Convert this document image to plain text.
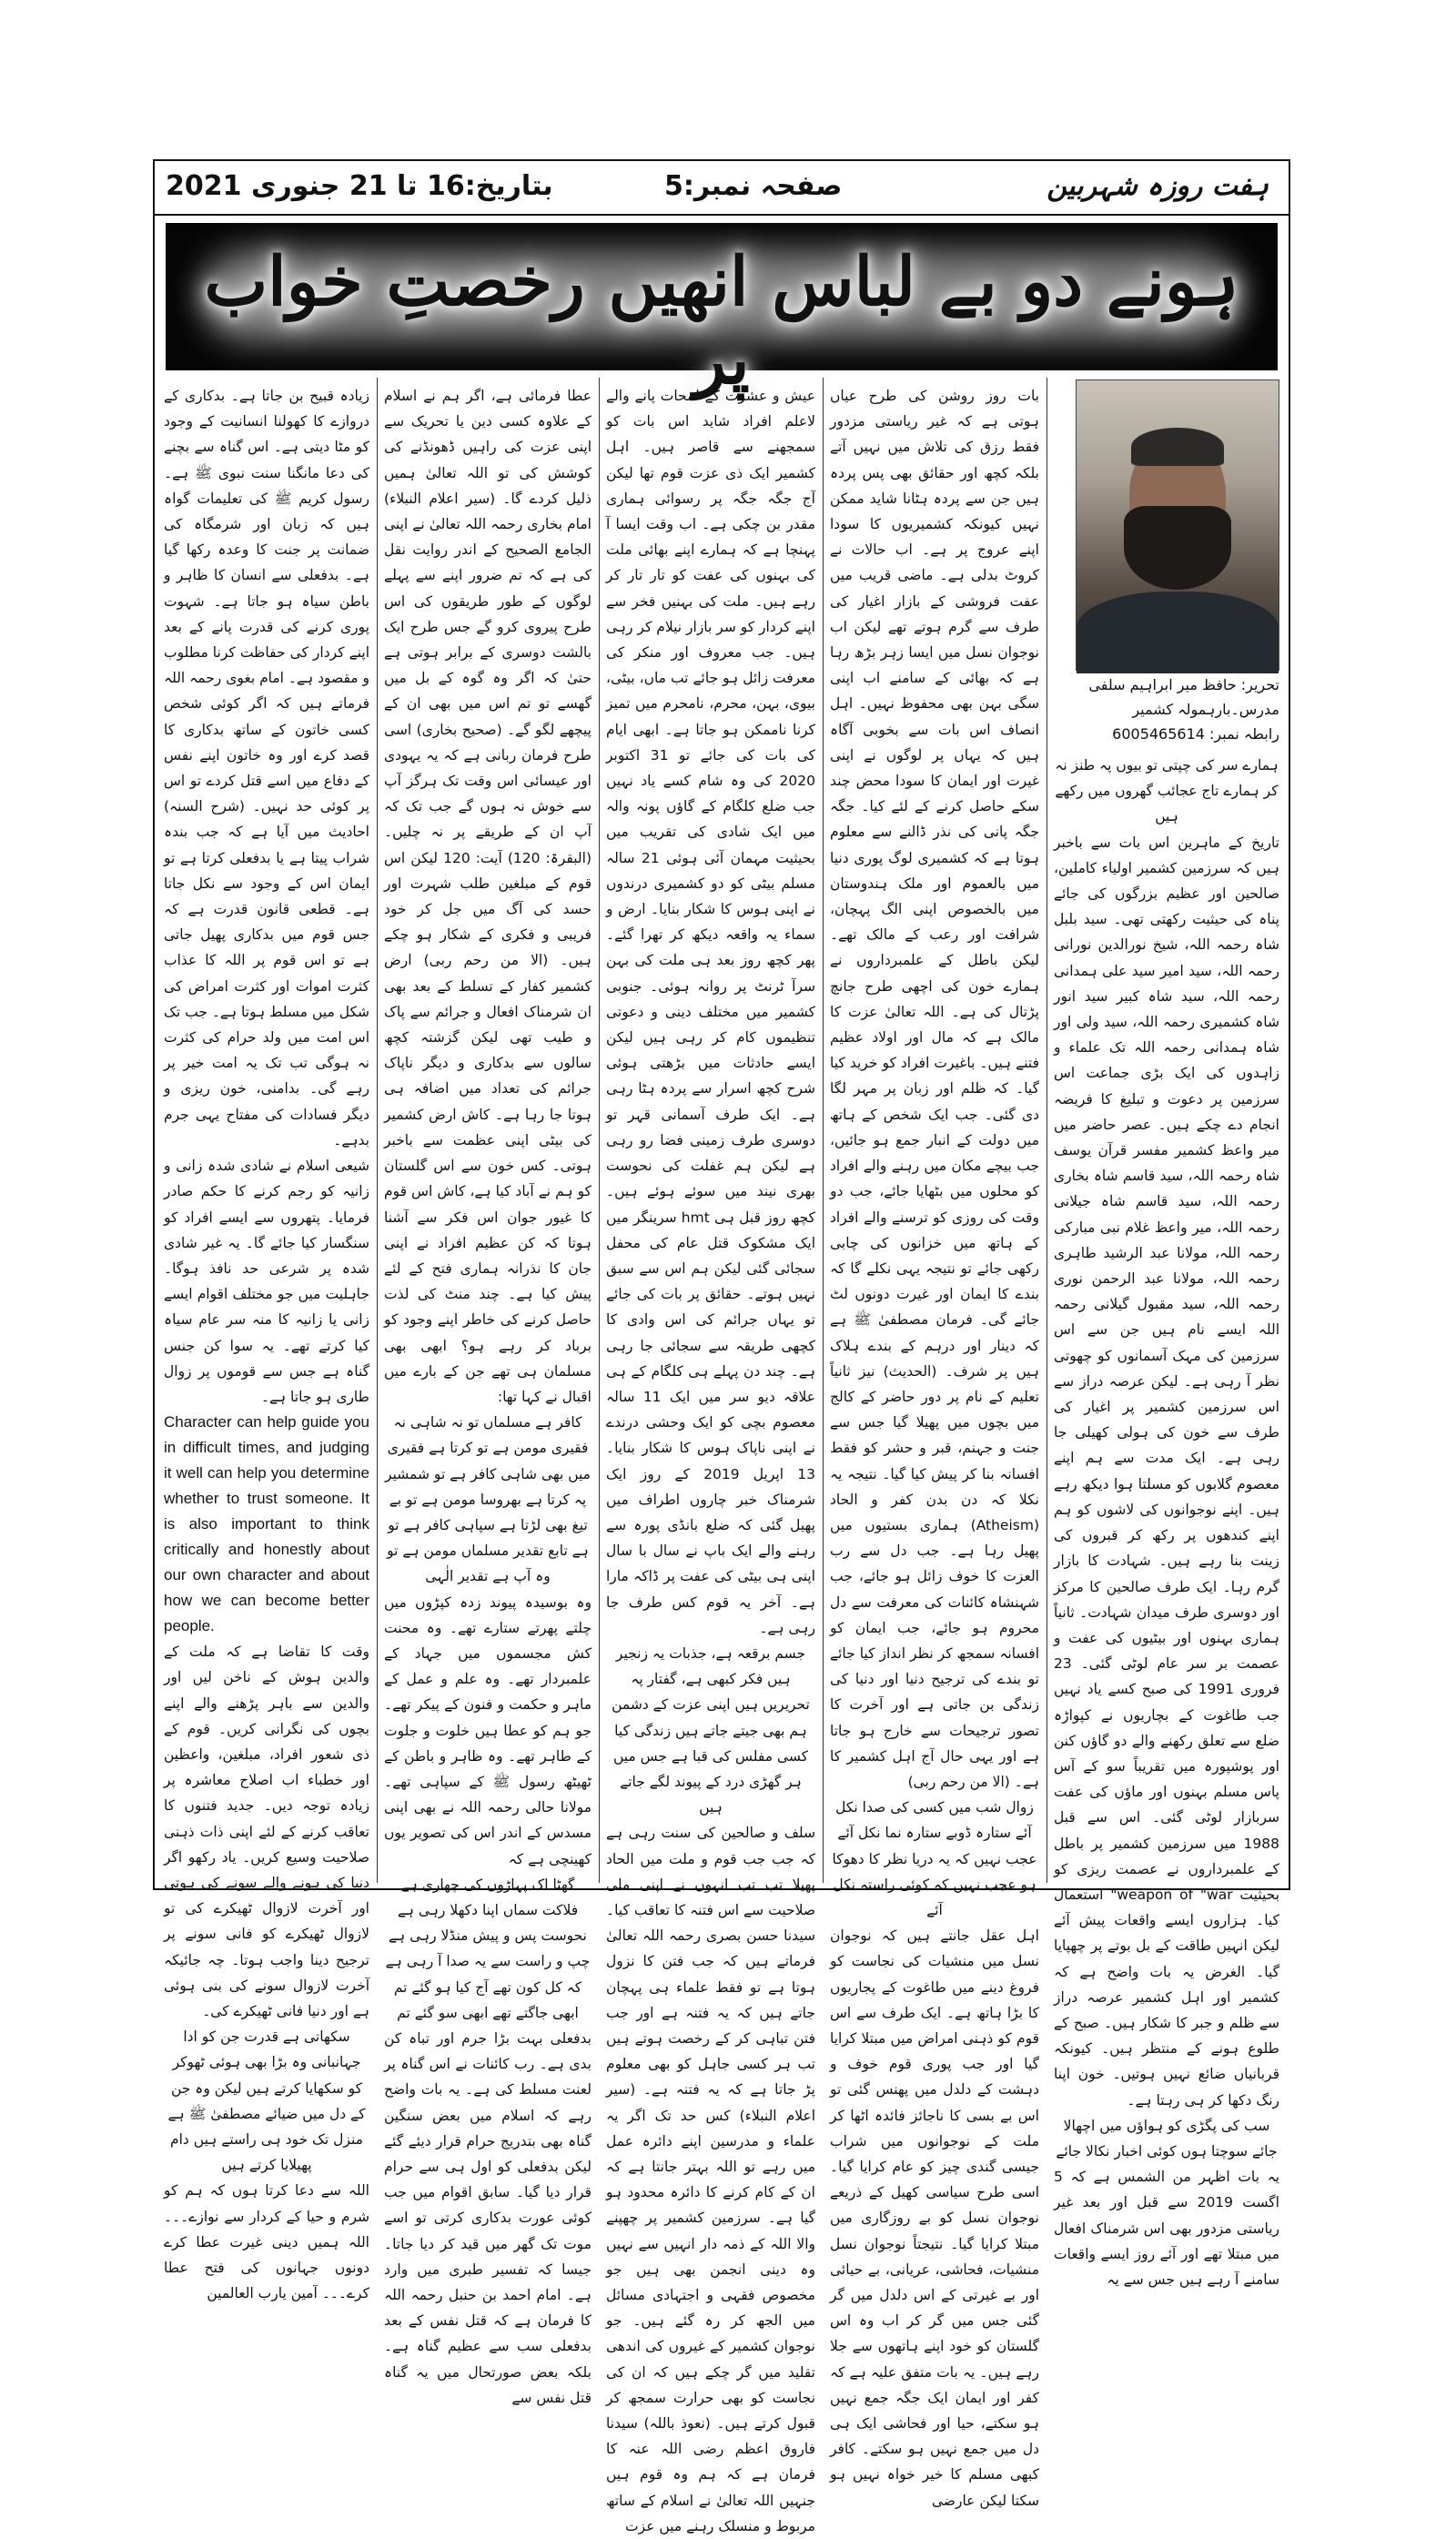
ہفت روزہ شہربین
صفحہ نمبر:5
بتاریخ:16 تا 21 جنوری 2021
ہونے دو بے لباس انھیں رخصتِ خواب پر
تحریر: حافظ میر ابراہیم سلفی
مدرس۔بارہمولہ کشمیر
رابطہ نمبر: 6005465614

ہمارے سر کی چپتی تو بیوں پہ طنز نہ کر ہمارے تاج عجائب گھروں میں رکھے ہیں

تاریخ کے ماہرین اس بات سے باخبر ہیں کہ سرزمین کشمیر اولیاء کاملین، صالحین اور عظیم بزرگوں کی جائے پناہ کی حیثیت رکھتی تھی۔ سید بلبل شاہ رحمہ اللہ، شیخ نورالدین نورانی رحمہ اللہ، سید امیر سید علی ہمدانی رحمہ اللہ، سید شاہ کبیر سید انور شاہ کشمیری رحمہ اللہ، سید ولی اور شاہ ہمدانی رحمہ اللہ تک علماء و زاہدوں کی ایک بڑی جماعت اس سرزمین پر دعوت و تبلیغ کا فریضہ انجام دے چکے ہیں۔ عصر حاضر میں میر واعظ کشمیر مفسر قرآن یوسف شاہ رحمہ اللہ، سید قاسم شاہ بخاری رحمہ اللہ، سید قاسم شاہ جیلانی رحمہ اللہ، میر واعظ غلام نبی مبارکی رحمہ اللہ، مولانا عبد الرشید طاہری رحمہ اللہ، مولانا عبد الرحمن نوری رحمہ اللہ، سید مقبول گیلانی رحمہ اللہ ایسے نام ہیں جن سے اس سرزمین کی مہک آسمانوں کو چھوتی نظر آ رہی ہے۔ لیکن عرصہ دراز سے اس سرزمین کشمیر پر اغیار کی طرف سے خون کی ہولی کھیلی جا رہی ہے۔ ایک مدت سے ہم اپنے معصوم گلابوں کو مسلتا ہوا دیکھ رہے ہیں۔ اپنے نوجوانوں کی لاشوں کو ہم اپنے کندھوں پر رکھ کر قبروں کی زینت بنا رہے ہیں۔ شہادت کا بازار گرم رہا۔ ایک طرف صالحین کا مرکز اور دوسری طرف میدان شہادت۔ ثانیاً ہماری بہنوں اور بیٹیوں کی عفت و عصمت بر سر عام لوٹی گئی۔ 23 فروری 1991 کی صبح کسے یاد نہیں جب طاغوت کے بچاریوں نے کپواڑہ ضلع سے تعلق رکھنے والے دو گاؤں کنن اور پوشپورہ میں تقریباً سو کے آس پاس مسلم بہنوں اور ماؤں کی عفت سربازار لوٹی گئی۔ اس سے قبل 1988 میں سرزمین کشمیر پر باطل کے علمبرداروں نے عصمت ریزی کو بحیثیت weapon of "war" استعمال کیا۔ ہزاروں ایسے واقعات پیش آئے لیکن انہیں طاقت کے بل بوتے پر چھپایا گیا۔ الغرض یہ بات واضح ہے کہ کشمیر اور اہل کشمیر عرصہ دراز سے ظلم و جبر کا شکار ہیں۔ صبح کے طلوع ہونے کے منتظر ہیں۔ کیونکہ قربانیاں ضائع نہیں ہوتیں۔ خون اپنا رنگ دکھا کر ہی رہتا ہے۔

سب کی پگڑی کو ہواؤں میں اچھالا جائے سوچتا ہوں کوئی اخبار نکالا جائے

یہ بات اظہر من الشمس ہے کہ 5 اگست 2019 سے قبل اور بعد غیر ریاستی مزدور بھی اس شرمناک افعال میں مبتلا تھے اور آئے روز ایسے واقعات سامنے آ رہے ہیں جس سے یہ

بات روز روشن کی طرح عیاں ہوتی ہے کہ غیر ریاستی مزدور فقط رزق کی تلاش میں نہیں آتے بلکہ کچھ اور حقائق بھی پس پردہ ہیں جن سے پردہ ہٹانا شاید ممکن نہیں کیونکہ کشمیریوں کا سودا اپنے عروج پر ہے۔ اب حالات نے کروٹ بدلی ہے۔ ماضی قریب میں عفت فروشی کے بازار اغیار کی طرف سے گرم ہوتے تھے لیکن اب نوجوان نسل میں ایسا زہر بڑھ رہا ہے کہ بھائی کے سامنے اب اپنی سگی بہن بھی محفوظ نہیں۔ اہل انصاف اس بات سے بخوبی آگاہ ہیں کہ یہاں پر لوگوں نے اپنی غیرت اور ایمان کا سودا محض چند سکے حاصل کرنے کے لئے کیا۔ جگہ جگہ پانی کی نذر ڈالنے سے معلوم ہوتا ہے کہ کشمیری لوگ پوری دنیا میں بالعموم اور ملک ہندوستان میں بالخصوص اپنی الگ پہچان، شرافت اور رعب کے مالک تھے۔ لیکن باطل کے علمبرداروں نے ہمارے خون کی اچھی طرح جانچ پڑتال کی ہے۔ اللہ تعالیٰ عزت کا مالک ہے کہ مال اور اولاد عظیم فتنے ہیں۔ باغیرت افراد کو خرید کیا گیا۔ کہ ظلم اور زبان پر مہر لگا دی گئی۔ جب ایک شخص کے ہاتھ میں دولت کے انبار جمع ہو جائیں، جب بیچے مکان میں رہنے والے افراد کو محلوں میں بٹھایا جائے، جب دو وقت کی روزی کو ترسنے والے افراد کے ہاتھ میں خزانوں کی چابی رکھی جائے تو نتیجہ یہی نکلے گا کہ بندے کا ایمان اور غیرت دونوں لٹ جائے گی۔ فرمان مصطفیٰ ﷺ ہے کہ دینار اور درہم کے بندے ہلاک ہیں پر شرف۔ (الحدیث) نیز ثانیاً تعلیم کے نام پر دور حاضر کے کالج میں بچوں میں پھیلا گیا جس سے جنت و جہنم، قبر و حشر کو فقط افسانہ بنا کر پیش کیا گیا۔ نتیجہ یہ نکلا کہ دن بدن کفر و الحاد (Atheism) ہماری بستیوں میں پھیل رہا ہے۔ جب دل سے رب العزت کا خوف زائل ہو جائے، جب شہنشاہ کائنات کی معرفت سے دل محروم ہو جائے، جب ایمان کو افسانہ سمجھ کر نظر انداز کیا جائے تو بندے کی ترجیح دنیا اور دنیا کی زندگی بن جاتی ہے اور آخرت کا تصور ترجیحات سے خارج ہو جاتا ہے اور یہی حال آج اہل کشمیر کا ہے۔ (الا من رحم ربی)

زوال شب میں کسی کی صدا نکل آئے ستارہ ڈوبے ستارہ نما نکل آئے عجب نہیں کہ یہ دریا نظر کا دھوکا ہو عجب نہیں کہ کوئی راستہ نکل آئے

اہل عقل جانتے ہیں کہ نوجوان نسل میں منشیات کی نجاست کو فروغ دینے میں طاغوت کے پجاریوں کا بڑا ہاتھ ہے۔ ایک طرف سے اس قوم کو ذہنی امراض میں مبتلا کرایا گیا اور جب پوری قوم خوف و دہشت کے دلدل میں پھنس گئی تو اس بے بسی کا ناجائز فائدہ اٹھا کر ملت کے نوجوانوں میں شراب جیسی گندی چیز کو عام کرایا گیا۔ اسی طرح سیاسی کھیل کے ذریعے نوجوان نسل کو بے روزگاری میں مبتلا کرایا گیا۔ نتیجتاً نوجوان نسل منشیات، فحاشی، عریانی، بے حیائی اور بے غیرتی کے اس دلدل میں گر گئی جس میں گر کر اب وہ اس گلستان کو خود اپنے ہاتھوں سے جلا رہے ہیں۔ یہ بات متفق علیہ ہے کہ کفر اور ایمان ایک جگہ جمع نہیں ہو سکتے، حیا اور فحاشی ایک ہی دل میں جمع نہیں ہو سکتے۔ کافر کبھی مسلم کا خیر خواہ نہیں ہو سکتا لیکن عارضی

عیش و عشرت کے لمحات پانے والے لاعلم افراد شاید اس بات کو سمجھنے سے قاصر ہیں۔ اہل کشمیر ایک ذی عزت قوم تھا لیکن آج جگہ جگہ پر رسوائی ہماری مقدر بن چکی ہے۔ اب وقت ایسا آ پہنچا ہے کہ ہمارے اپنے بھائی ملت کی بہنوں کی عفت کو تار تار کر رہے ہیں۔ ملت کی بہنیں فخر سے اپنے کردار کو سر بازار نیلام کر رہی ہیں۔ جب معروف اور منکر کی معرفت زائل ہو جائے تب ماں، بیٹی، بیوی، بہن، محرم، نامحرم میں تمیز کرنا ناممکن ہو جاتا ہے۔ ابھی ایام کی بات کی جائے تو 31 اکتوبر 2020 کی وہ شام کسے یاد نہیں جب ضلع کلگام کے گاؤں پونہ والہ میں ایک شادی کی تقریب میں بحیثیت مہمان آئی ہوئی 21 سالہ مسلم بیٹی کو دو کشمیری درندوں نے اپنی ہوس کا شکار بنایا۔ ارض و سماء یہ واقعہ دیکھ کر تھرا گئے۔ پھر کچھ روز بعد ہی ملت کی بہن سرآ ٹرنٹ پر روانہ ہوئی۔ جنوبی کشمیر میں مختلف دینی و دعوتی تنظیموں کام کر رہی ہیں لیکن ایسے حادثات میں بڑھتی ہوئی شرح کچھ اسرار سے پردہ ہٹا رہی ہے۔ ایک طرف آسمانی قہر تو دوسری طرف زمینی فضا رو رہی ہے لیکن ہم غفلت کی نحوست بھری نیند میں سوئے ہوئے ہیں۔ کچھ روز قبل ہی hmt سرینگر میں ایک مشکوک قتل عام کی محفل سجائی گئی لیکن ہم اس سے سبق نہیں ہوتے۔ حقائق پر بات کی جائے تو یہاں جرائم کی اس وادی کا کچھی طریقہ سے سجائی جا رہی ہے۔ چند دن پہلے ہی کلگام کے ہی علاقہ دیو سر میں ایک 11 سالہ معصوم بچی کو ایک وحشی درندے نے اپنی ناپاک ہوس کا شکار بنایا۔ 13 اپریل 2019 کے روز ایک شرمناک خبر چاروں اطراف میں پھیل گئی کہ ضلع بانڈی پورہ سے رہنے والے ایک باپ نے سال با سال اپنی ہی بیٹی کی عفت پر ڈاکہ مارا ہے۔ آخر یہ قوم کس طرف جا رہی ہے۔

جسم برقعہ ہے، جذبات یہ زنجیر ہیں فکر کبھی ہے، گفتار پہ تحریریں ہیں اپنی عزت کے دشمن ہم بھی جیتے جاتے ہیں زندگی کیا کسی مفلس کی قبا ہے جس میں ہر گھڑی درد کے پیوند لگے جاتے ہیں

سلف و صالحین کی سنت رہی ہے کہ جب جب قوم و ملت میں الحاد پھیلا تب تب انہوں نے اپنی ملی صلاحیت سے اس فتنہ کا تعاقب کیا۔ سیدنا حسن بصری رحمہ اللہ تعالیٰ فرماتے ہیں کہ جب فتن کا نزول ہوتا ہے تو فقط علماء ہی پہچان جاتے ہیں کہ یہ فتنہ ہے اور جب فتن تباہی کر کے رخصت ہوتے ہیں تب ہر کسی جاہل کو بھی معلوم پڑ جاتا ہے کہ یہ فتنہ ہے۔ (سیر اعلام النبلاء) کس حد تک اگر یہ علماء و مدرسین اپنے دائرہ عمل میں رہے تو اللہ بہتر جانتا ہے کہ ان کے کام کرنے کا دائرہ محدود ہو گیا ہے۔ سرزمین کشمیر پر چھپنے والا اللہ کے ذمہ دار انہیں سے نہیں وہ دینی انجمن بھی ہیں جو مخصوص فقہی و اجتہادی مسائل میں الجھ کر رہ گئے ہیں۔ جو نوجوان کشمیر کے غیروں کی اندھی تقلید میں گر چکے ہیں کہ ان کی نجاست کو بھی حرارت سمجھ کر قبول کرتے ہیں۔ (نعوذ باللہ) سیدنا فاروق اعظم رضی اللہ عنہ کا فرمان ہے کہ ہم وہ قوم ہیں جنہیں اللہ تعالیٰ نے اسلام کے ساتھ مربوط و منسلک رہنے میں عزت

عطا فرمائی ہے، اگر ہم نے اسلام کے علاوہ کسی دین یا تحریک سے اپنی عزت کی راہیں ڈھونڈنے کی کوشش کی تو اللہ تعالیٰ ہمیں ذلیل کردے گا۔ (سیر اعلام النبلاء) امام بخاری رحمہ اللہ تعالیٰ نے اپنی الجامع الصحیح کے اندر روایت نقل کی ہے کہ تم ضرور اپنے سے پہلے لوگوں کے طور طریقوں کی اس طرح پیروی کرو گے جس طرح ایک بالشت دوسری کے برابر ہوتی ہے حتیٰ کہ اگر وہ گوہ کے بل میں گھسے تو تم اس میں بھی ان کے پیچھے لگو گے۔ (صحیح بخاری) اسی طرح فرمان ربانی ہے کہ یہ یہودی اور عیسائی اس وقت تک ہرگز آپ سے خوش نہ ہوں گے جب تک کہ آپ ان کے طریقے پر نہ چلیں۔ (البقرۃ: 120) آیت: 120 لیکن اس قوم کے مبلغین طلب شہرت اور حسد کی آگ میں جل کر خود فریبی و فکری کے شکار ہو چکے ہیں۔ (الا من رحم ربی) ارض کشمیر کفار کے تسلط کے بعد بھی ان شرمناک افعال و جرائم سے پاک و طیب تھی لیکن گزشتہ کچھ سالوں سے بدکاری و دیگر ناپاک جرائم کی تعداد میں اضافہ ہی ہوتا جا رہا ہے۔ کاش ارض کشمیر کی بیٹی اپنی عظمت سے باخبر ہوتی۔ کس خون سے اس گلستان کو ہم نے آباد کیا ہے، کاش اس قوم کا غیور جوان اس فکر سے آشنا ہوتا کہ کن عظیم افراد نے اپنی جان کا نذرانہ ہماری فتح کے لئے پیش کیا ہے۔ چند منٹ کی لذت حاصل کرنے کی خاطر اپنے وجود کو برباد کر رہے ہو؟ ابھی بھی مسلمان ہی تھے جن کے بارے میں اقبال نے کہا تھا:

کافر ہے مسلماں تو نہ شاہی نہ فقیری مومن ہے تو کرتا ہے فقیری میں بھی شاہی کافر ہے تو شمشیر پہ کرتا ہے بھروسا مومن ہے تو بے تیغ بھی لڑتا ہے سپاہی کافر ہے تو ہے تابع تقدیر مسلماں مومن ہے تو وہ آپ ہے تقدیر الٰہی

وہ بوسیدہ پیوند زدہ کپڑوں میں چلتے پھرتے ستارے تھے۔ وہ محنت کش مجسموں میں جہاد کے علمبردار تھے۔ وہ علم و عمل کے ماہر و حکمت و فنون کے پیکر تھے۔ جو ہم کو عطا ہیں خلوت و جلوت کے طاہر تھے۔ وہ ظاہر و باطن کے ٹھیٹھ رسول ﷺ کے سپاہی تھے۔ مولانا حالی رحمہ اللہ نے بھی اپنی مسدس کے اندر اس کی تصویر یوں کھینچی ہے کہ

گھٹا اک پہاڑوں کی چھاری ہے فلاکت سماں اپنا دکھلا رہی ہے نحوست پس و پیش منڈلا رہی ہے چپ و راست سے یہ صدا آ رہی ہے کہ کل کون تھے آج کیا ہو گئے تم ابھی جاگتے تھے ابھی سو گئے تم

بدفعلی بہت بڑا جرم اور تباہ کن بدی ہے۔ رب کائنات نے اس گناہ پر لعنت مسلط کی ہے۔ یہ بات واضح رہے کہ اسلام میں بعض سنگین گناہ بھی بتدریج حرام قرار دیئے گئے لیکن بدفعلی کو اول ہی سے حرام قرار دیا گیا۔ سابق اقوام میں جب کوئی عورت بدکاری کرتی تو اسے موت تک گھر میں قید کر دیا جاتا۔ جیسا کہ تفسیر طبری میں وارد ہے۔ امام احمد بن حنبل رحمہ اللہ کا فرمان ہے کہ قتل نفس کے بعد بدفعلی سب سے عظیم گناہ ہے۔ بلکہ بعض صورتحال میں یہ گناہ قتل نفس سے

زیادہ قبیح بن جاتا ہے۔ بدکاری کے دروازے کا کھولنا انسانیت کے وجود کو مٹا دیتی ہے۔ اس گناہ سے بچنے کی دعا مانگنا سنت نبوی ﷺ ہے۔ رسول کریم ﷺ کی تعلیمات گواہ ہیں کہ زبان اور شرمگاہ کی ضمانت پر جنت کا وعدہ رکھا گیا ہے۔ بدفعلی سے انسان کا ظاہر و باطن سیاہ ہو جاتا ہے۔ شہوت پوری کرنے کی قدرت پانے کے بعد اپنے کردار کی حفاظت کرنا مطلوب و مقصود ہے۔ امام بغوی رحمہ اللہ فرماتے ہیں کہ اگر کوئی شخص کسی خاتون کے ساتھ بدکاری کا قصد کرے اور وہ خاتون اپنے نفس کے دفاع میں اسے قتل کردے تو اس پر کوئی حد نہیں۔ (شرح السنہ) احادیث میں آیا ہے کہ جب بندہ شراب پیتا ہے یا بدفعلی کرتا ہے تو ایمان اس کے وجود سے نکل جاتا ہے۔ قطعی قانون قدرت ہے کہ جس قوم میں بدکاری پھیل جاتی ہے تو اس قوم پر اللہ کا عذاب کثرت اموات اور کثرت امراض کی شکل میں مسلط ہوتا ہے۔ جب تک اس امت میں ولد حرام کی کثرت نہ ہوگی تب تک یہ امت خیر پر رہے گی۔ بدامنی، خون ریزی و دیگر فسادات کی مفتاح یہی جرم بدہے۔

شیعی اسلام نے شادی شدہ زانی و زانیہ کو رجم کرنے کا حکم صادر فرمایا۔ پتھروں سے ایسے افراد کو سنگسار کیا جائے گا۔ یہ غیر شادی شدہ پر شرعی حد نافذ ہوگا۔ جاہلیت میں جو مختلف اقوام ایسے زانی یا زانیہ کا منہ سر عام سیاہ کیا کرتے تھے۔ یہ سوا کن جنس گناہ ہے جس سے قوموں پر زوال طاری ہو جاتا ہے۔

Character can help guide you in difficult times, and judging it well can help you determine whether to trust someone. It is also important to think critically and honestly about our own character and about how we can become better people.

وقت کا تقاضا ہے کہ ملت کے والدین ہوش کے ناخن لیں اور والدین سے باہر پڑھنے والے اپنے بچوں کی نگرانی کریں۔ قوم کے ذی شعور افراد، مبلغین، واعظین اور خطباء اب اصلاح معاشرہ پر زیادہ توجہ دیں۔ جدید فتنوں کا تعاقب کرنے کے لئے اپنی ذات ذہنی صلاحیت وسیع کریں۔ یاد رکھو اگر دنیا کی ہونے والے سونے کی ہوتی اور آخرت لازوال ٹھیکرے کی تو لازوال ٹھیکرے کو فانی سونے پر ترجیح دینا واجب ہوتا۔ چہ جائیکہ آخرت لازوال سونے کی بنی ہوئی ہے اور دنیا فانی ٹھیکرے کی۔

سکھاتی ہے قدرت جن کو ادا جہانبانی وہ بڑا بھی ہوئی ٹھوکر کو سکھایا کرتے ہیں لیکن وہ جن کے دل میں ضیائے مصطفیٰ ﷺ ہے منزل تک خود ہی راستے ہیں دام پھیلایا کرتے ہیں

اللہ سے دعا کرتا ہوں کہ ہم کو شرم و حیا کے کردار سے نوازے۔۔۔ اللہ ہمیں دینی غیرت عطا کرے دونوں جہانوں کی فتح عطا کرے۔۔۔ آمین یارب العالمین
